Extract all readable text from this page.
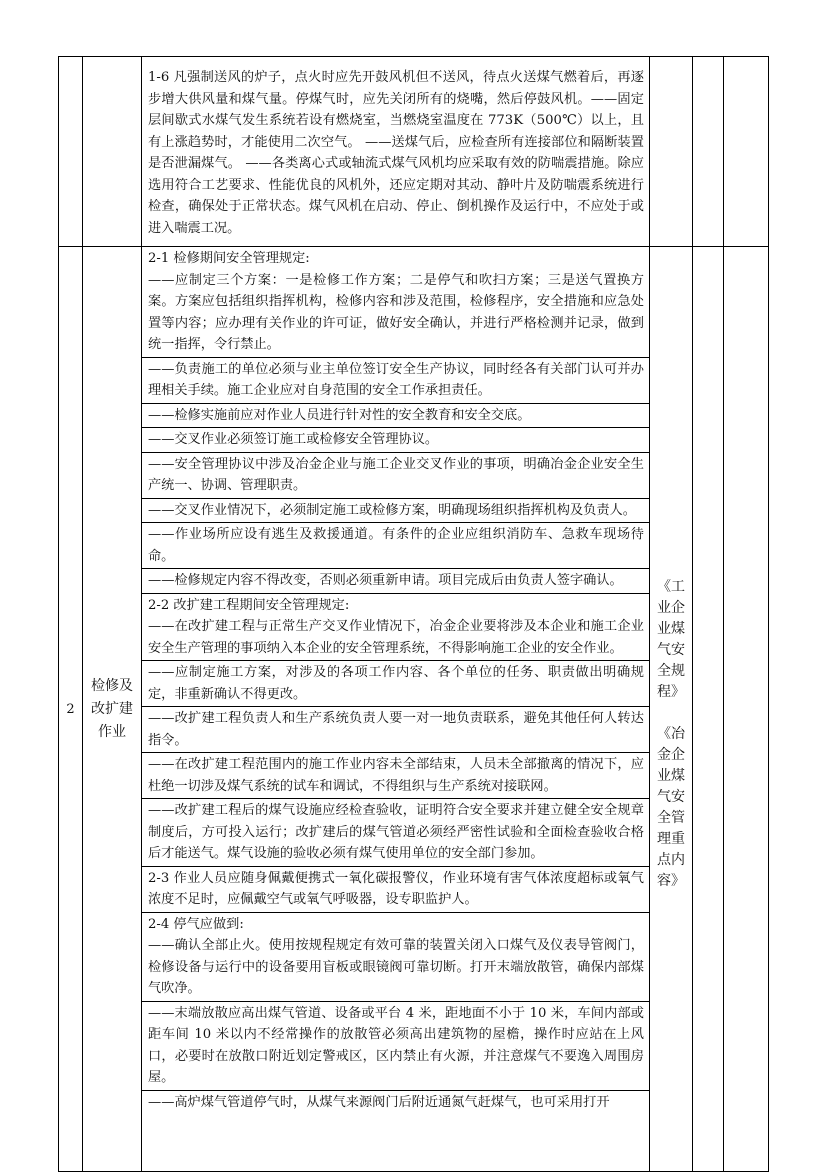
1-6 凡强制送风的炉子，点火时应先开鼓风机但不送风，待点火送煤气燃着后，再逐步增大供风量和煤气量。停煤气时，应先关闭所有的烧嘴，然后停鼓风机。——固定层间歇式水煤气发生系统若设有燃烧室，当燃烧室温度在 773K（500℃）以上，且有上涨趋势时，才能使用二次空气。 ——送煤气后，应检查所有连接部位和隔断装置是否泄漏煤气。 ——各类离心式或轴流式煤气风机均应采取有效的防喘震措施。除应选用符合工艺要求、性能优良的风机外，还应定期对其动、静叶片及防喘震系统进行检查，确保处于正常状态。煤气风机在启动、停止、倒机操作及运行中，不应处于或进入喘震工况。
2
检修及改扩建作业
2-1 检修期间安全管理规定:
——应制定三个方案：一是检修工作方案；二是停气和吹扫方案；三是送气置换方案。方案应包括组织指挥机构，检修内容和涉及范围，检修程序，安全措施和应急处置等内容；应办理有关作业的许可证，做好安全确认，并进行严格检测并记录，做到统一指挥，令行禁止。
——负责施工的单位必须与业主单位签订安全生产协议，同时经各有关部门认可并办理相关手续。施工企业应对自身范围的安全工作承担责任。
——检修实施前应对作业人员进行针对性的安全教育和安全交底。
——交叉作业必须签订施工或检修安全管理协议。
——安全管理协议中涉及冶金企业与施工企业交叉作业的事项，明确冶金企业安全生产统一、协调、管理职责。
——交叉作业情况下，必须制定施工或检修方案，明确现场组织指挥机构及负责人。
——作业场所应设有逃生及救援通道。有条件的企业应组织消防车、急救车现场待命。
——检修规定内容不得改变，否则必须重新申请。项目完成后由负责人签字确认。
2-2 改扩建工程期间安全管理规定:
——在改扩建工程与正常生产交叉作业情况下，冶金企业要将涉及本企业和施工企业安全生产管理的事项纳入本企业的安全管理系统，不得影响施工企业的安全作业。
——应制定施工方案，对涉及的各项工作内容、各个单位的任务、职责做出明确规定，非重新确认不得更改。
——改扩建工程负责人和生产系统负责人要一对一地负责联系，避免其他任何人转达指令。
——在改扩建工程范围内的施工作业内容未全部结束，人员未全部撤离的情况下，应杜绝一切涉及煤气系统的试车和调试，不得组织与生产系统对接联网。
——改扩建工程后的煤气设施应经检查验收，证明符合安全要求并建立健全安全规章制度后，方可投入运行；改扩建后的煤气管道必须经严密性试验和全面检查验收合格后才能送气。煤气设施的验收必须有煤气使用单位的安全部门参加。
2-3 作业人员应随身佩戴便携式一氧化碳报警仪，作业环境有害气体浓度超标或氧气浓度不足时，应佩戴空气或氧气呼吸器，设专职监护人。
2-4 停气应做到:
——确认全部止火。使用按规程规定有效可靠的装置关闭入口煤气及仪表导管阀门，检修设备与运行中的设备要用盲板或眼镜阀可靠切断。打开末端放散管，确保内部煤气吹净。
——末端放散应高出煤气管道、设备或平台 4 米，距地面不小于 10 米，车间内部或距车间 10 米以内不经常操作的放散管必须高出建筑物的屋檐，操作时应站在上风口，必要时在放散口附近划定警戒区，区内禁止有火源，并注意煤气不要逸入周围房屋。
——高炉煤气管道停气时，从煤气来源阀门后附近通氮气赶煤气，也可采用打开
《工业企业煤气安全规程》

《冶金企业煤气安全管理重点内容》
